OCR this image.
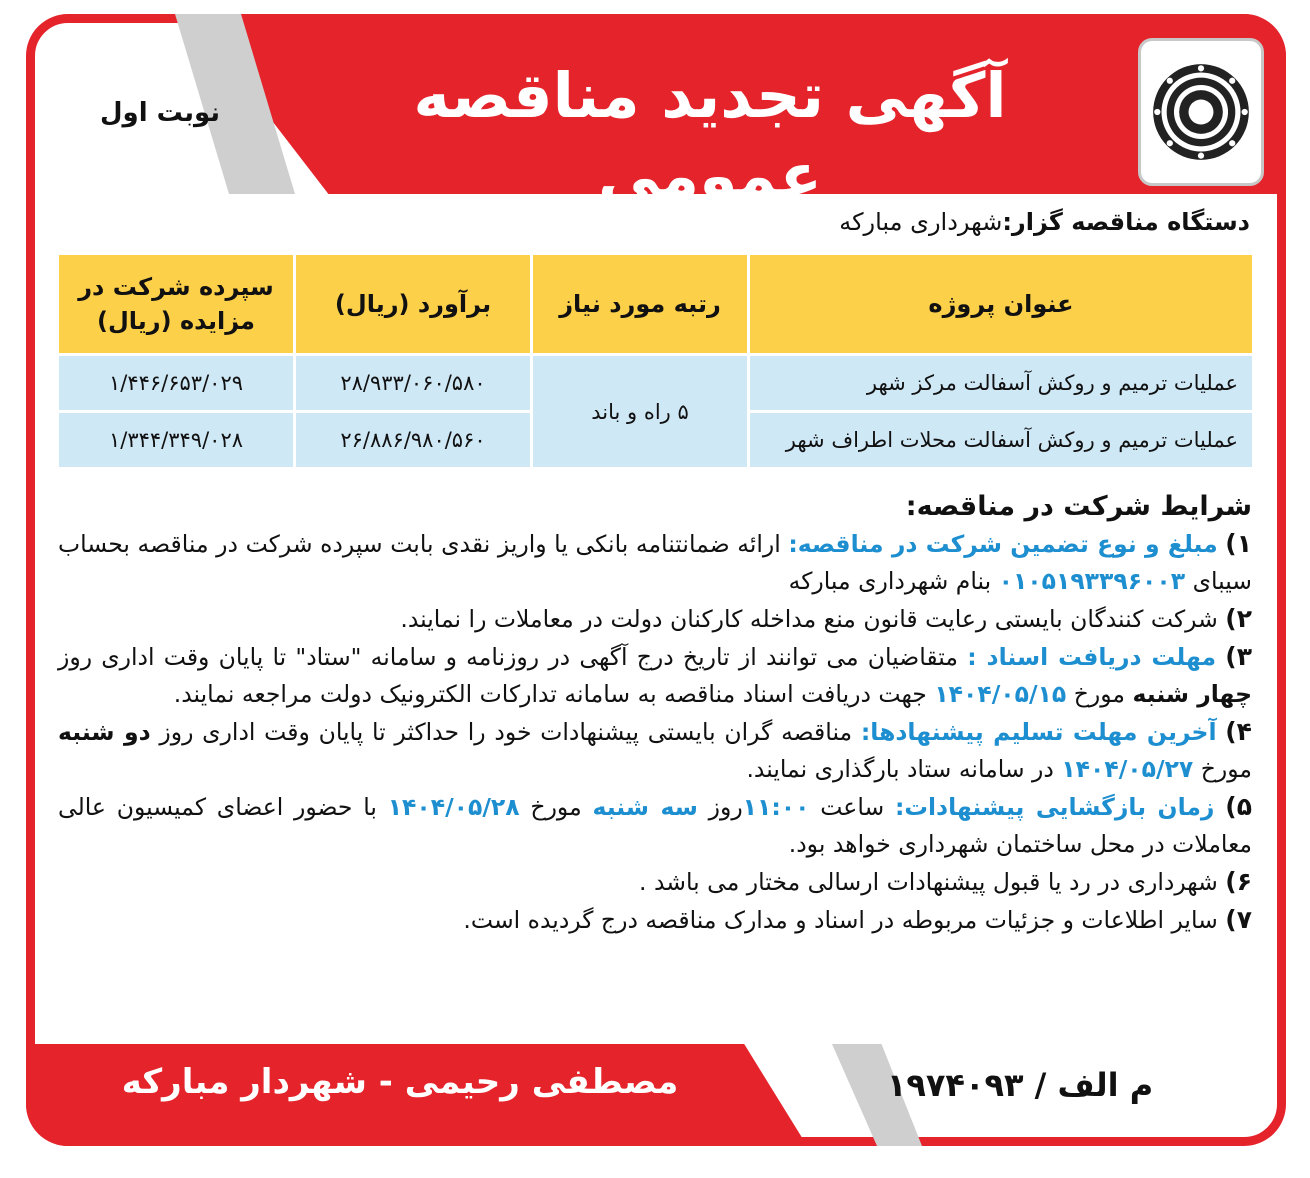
آگهی تجدید مناقصه عمومی
نوبت اول
دستگاه مناقصه گزار:شهرداری مبارکه
عنوان پروژه	رتبه مورد نیاز	برآورد (ریال)	سپرده شرکت در مزایده (ریال)
عملیات ترمیم و روکش آسفالت مرکز شهر	۵ راه و باند	۲۸/۹۳۳/۰۶۰/۵۸۰	۱/۴۴۶/۶۵۳/۰۲۹
عملیات ترمیم و روکش آسفالت محلات اطراف شهر		۲۶/۸۸۶/۹۸۰/۵۶۰	۱/۳۴۴/۳۴۹/۰۲۸

شرایط شرکت در مناقصه:

۱) مبلغ و نوع تضمین شرکت در مناقصه: ارائه ضمانتنامه بانکی یا واریز نقدی بابت سپرده شرکت در مناقصه بحساب سیبای ۰۱۰۵۱۹۳۳۹۶۰۰۳ بنام شهرداری مبارکه

۲) شرکت کنندگان بایستی رعایت قانون منع مداخله کارکنان دولت در معاملات را نمایند.

۳) مهلت دریافت اسناد : متقاضیان می توانند از تاریخ درج آگهی در روزنامه و سامانه "ستاد" تا پایان وقت اداری روز چهار شنبه مورخ ۱۴۰۴/۰۵/۱۵ جهت دریافت اسناد مناقصه به سامانه تدارکات الکترونیک دولت مراجعه نمایند.

۴) آخرین مهلت تسلیم پیشنهادها: مناقصه گران بایستی پیشنهادات خود را حداکثر تا پایان وقت اداری روز دو شنبه مورخ ۱۴۰۴/۰۵/۲۷ در سامانه ستاد بارگذاری نمایند.

۵) زمان بازگشایی پیشنهادات: ساعت ۱۱:۰۰روز سه شنبه مورخ ۱۴۰۴/۰۵/۲۸ با حضور اعضای کمیسیون عالی معاملات در محل ساختمان شهرداری خواهد بود.

۶) شهرداری در رد یا قبول پیشنهادات ارسالی مختار می باشد .

۷) سایر اطلاعات و جزئیات مربوطه در اسناد و مدارک مناقصه درج گردیده است.

مصطفی رحیمی - شهردار مبارکه	۱۹۷۴۰۹۳ / م الف
